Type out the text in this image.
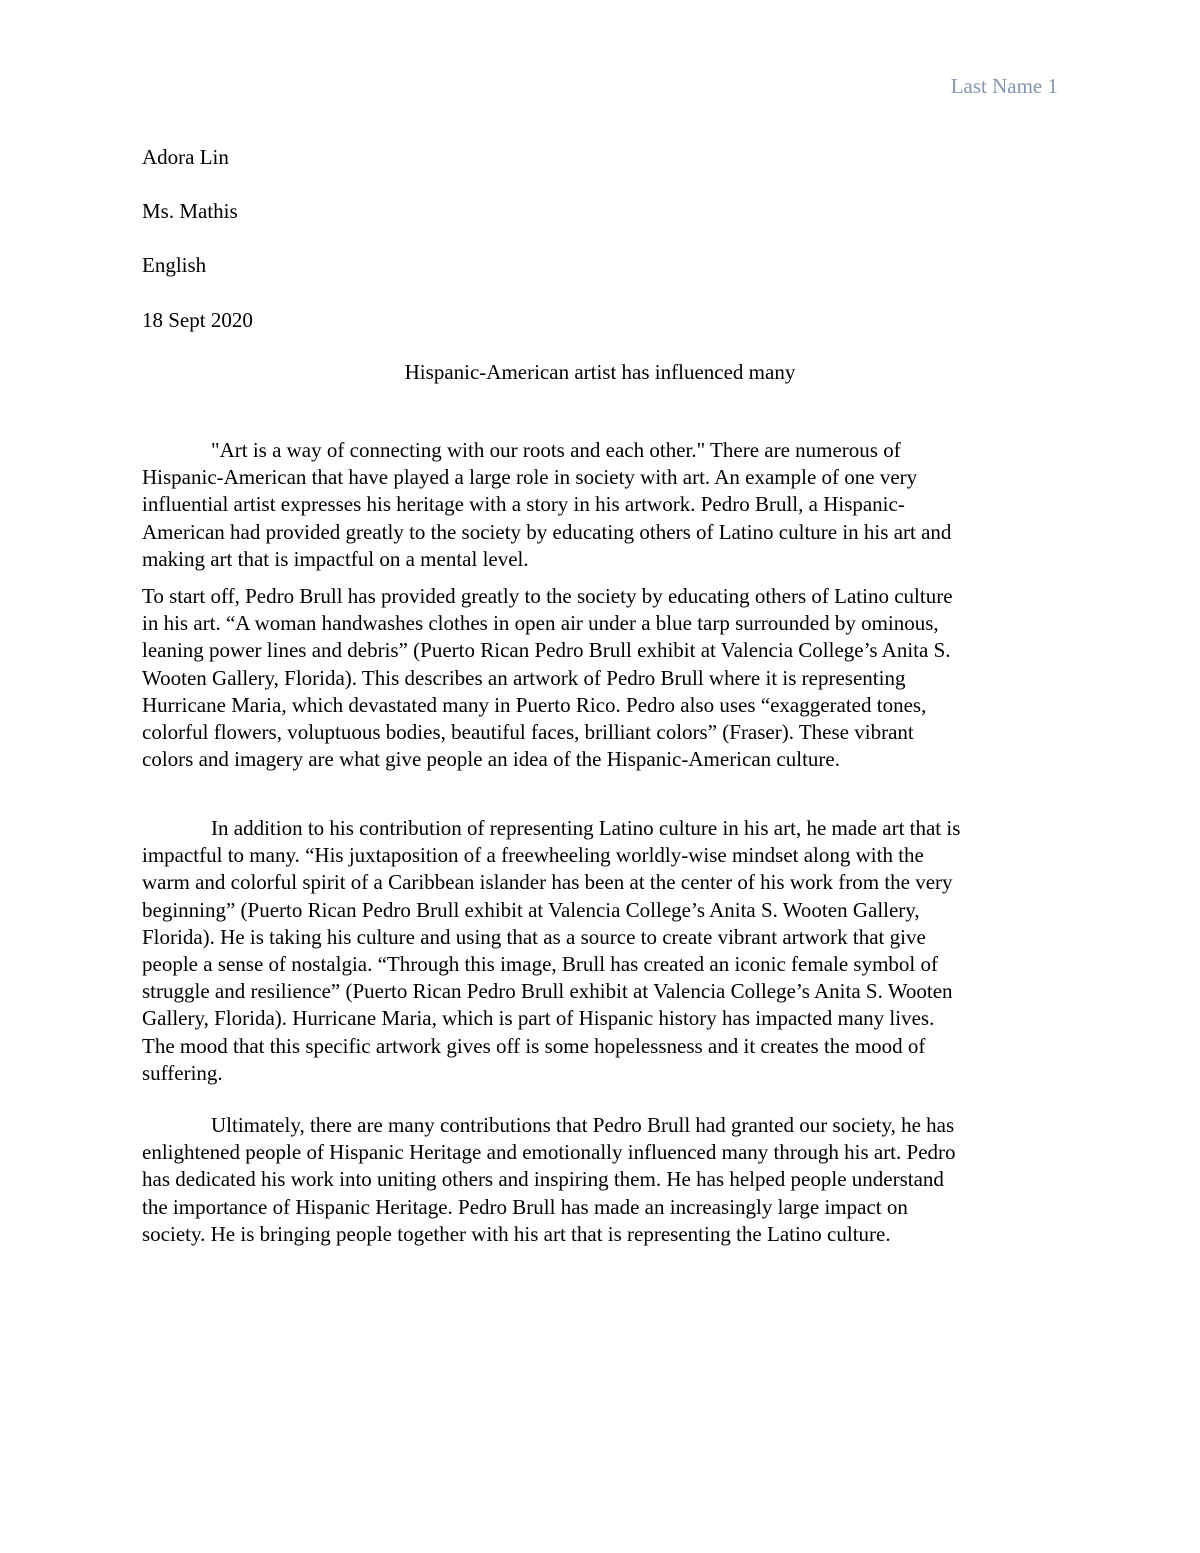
Last Name 1
Adora Lin
Ms. Mathis
English
18 Sept 2020
Hispanic-American artist has influenced many
"Art is a way of connecting with our roots and each other." There are numerous of
Hispanic-American that have played a large role in society with art. An example of one very
influential artist expresses his heritage with a story in his artwork. Pedro Brull, a Hispanic-
American had provided greatly to the society by educating others of Latino culture in his art and
making art that is impactful on a mental level.
To start off, Pedro Brull has provided greatly to the society by educating others of Latino culture
in his art. “A woman handwashes clothes in open air under a blue tarp surrounded by ominous,
leaning power lines and debris” (Puerto Rican Pedro Brull exhibit at Valencia College’s Anita S.
Wooten Gallery, Florida). This describes an artwork of Pedro Brull where it is representing
Hurricane Maria, which devastated many in Puerto Rico. Pedro also uses “exaggerated tones,
colorful flowers, voluptuous bodies, beautiful faces, brilliant colors” (Fraser). These vibrant
colors and imagery are what give people an idea of the Hispanic-American culture.
In addition to his contribution of representing Latino culture in his art, he made art that is
impactful to many. “His juxtaposition of a freewheeling worldly-wise mindset along with the
warm and colorful spirit of a Caribbean islander has been at the center of his work from the very
beginning” (Puerto Rican Pedro Brull exhibit at Valencia College’s Anita S. Wooten Gallery,
Florida). He is taking his culture and using that as a source to create vibrant artwork that give
people a sense of nostalgia. “Through this image, Brull has created an iconic female symbol of
struggle and resilience” (Puerto Rican Pedro Brull exhibit at Valencia College’s Anita S. Wooten
Gallery, Florida). Hurricane Maria, which is part of Hispanic history has impacted many lives.
The mood that this specific artwork gives off is some hopelessness and it creates the mood of
suffering.
Ultimately, there are many contributions that Pedro Brull had granted our society, he has
enlightened people of Hispanic Heritage and emotionally influenced many through his art. Pedro
has dedicated his work into uniting others and inspiring them. He has helped people understand
the importance of Hispanic Heritage. Pedro Brull has made an increasingly large impact on
society. He is bringing people together with his art that is representing the Latino culture.
